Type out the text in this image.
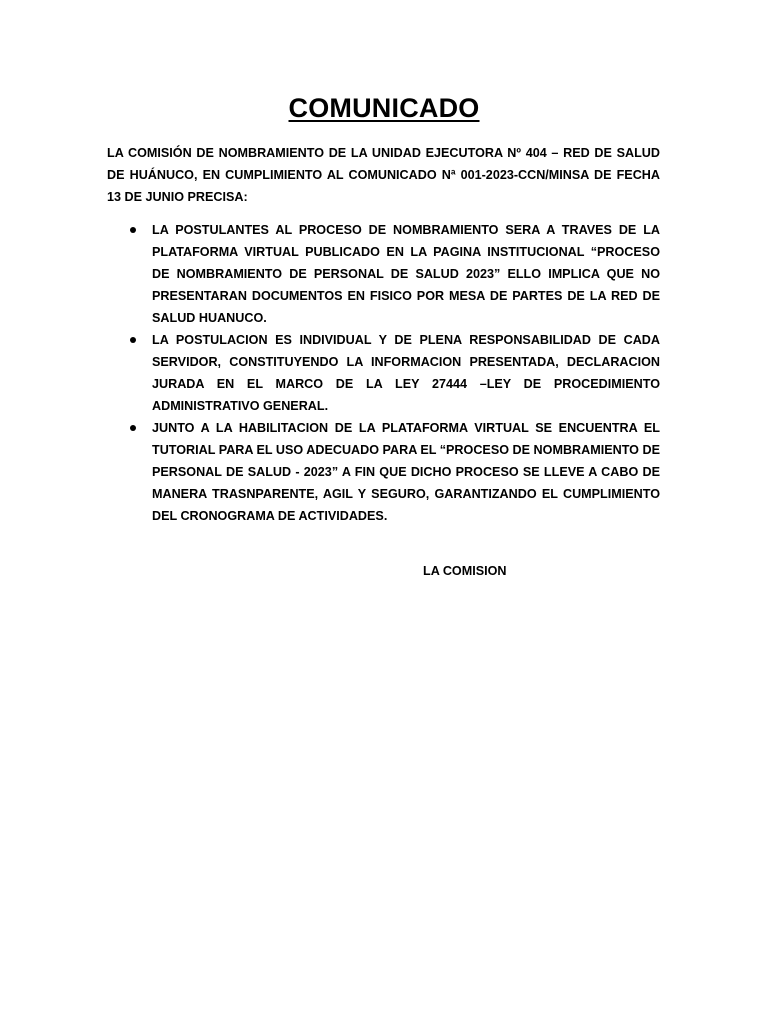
COMUNICADO
LA COMISIÓN DE NOMBRAMIENTO DE LA UNIDAD EJECUTORA Nº 404 – RED DE SALUD DE HUÁNUCO, EN CUMPLIMIENTO AL COMUNICADO Nª 001-2023-CCN/MINSA DE FECHA 13 DE JUNIO PRECISA:
LA POSTULANTES AL PROCESO DE NOMBRAMIENTO SERA A TRAVES DE LA PLATAFORMA VIRTUAL PUBLICADO EN LA PAGINA INSTITUCIONAL “PROCESO DE NOMBRAMIENTO DE PERSONAL DE SALUD 2023” ELLO IMPLICA QUE NO PRESENTARAN DOCUMENTOS EN FISICO POR MESA DE PARTES DE LA RED DE SALUD HUANUCO.
LA POSTULACION ES INDIVIDUAL Y DE PLENA RESPONSABILIDAD DE CADA SERVIDOR, CONSTITUYENDO LA INFORMACION PRESENTADA, DECLARACION JURADA EN EL MARCO DE LA LEY 27444 –LEY DE PROCEDIMIENTO ADMINISTRATIVO GENERAL.
JUNTO A LA HABILITACION DE LA PLATAFORMA VIRTUAL SE ENCUENTRA EL TUTORIAL PARA EL USO ADECUADO PARA EL “PROCESO DE NOMBRAMIENTO DE PERSONAL DE SALUD - 2023” A FIN QUE DICHO PROCESO SE LLEVE A CABO DE MANERA TRASNPARENTE, AGIL Y SEGURO, GARANTIZANDO EL CUMPLIMIENTO DEL CRONOGRAMA DE ACTIVIDADES.
LA COMISION
